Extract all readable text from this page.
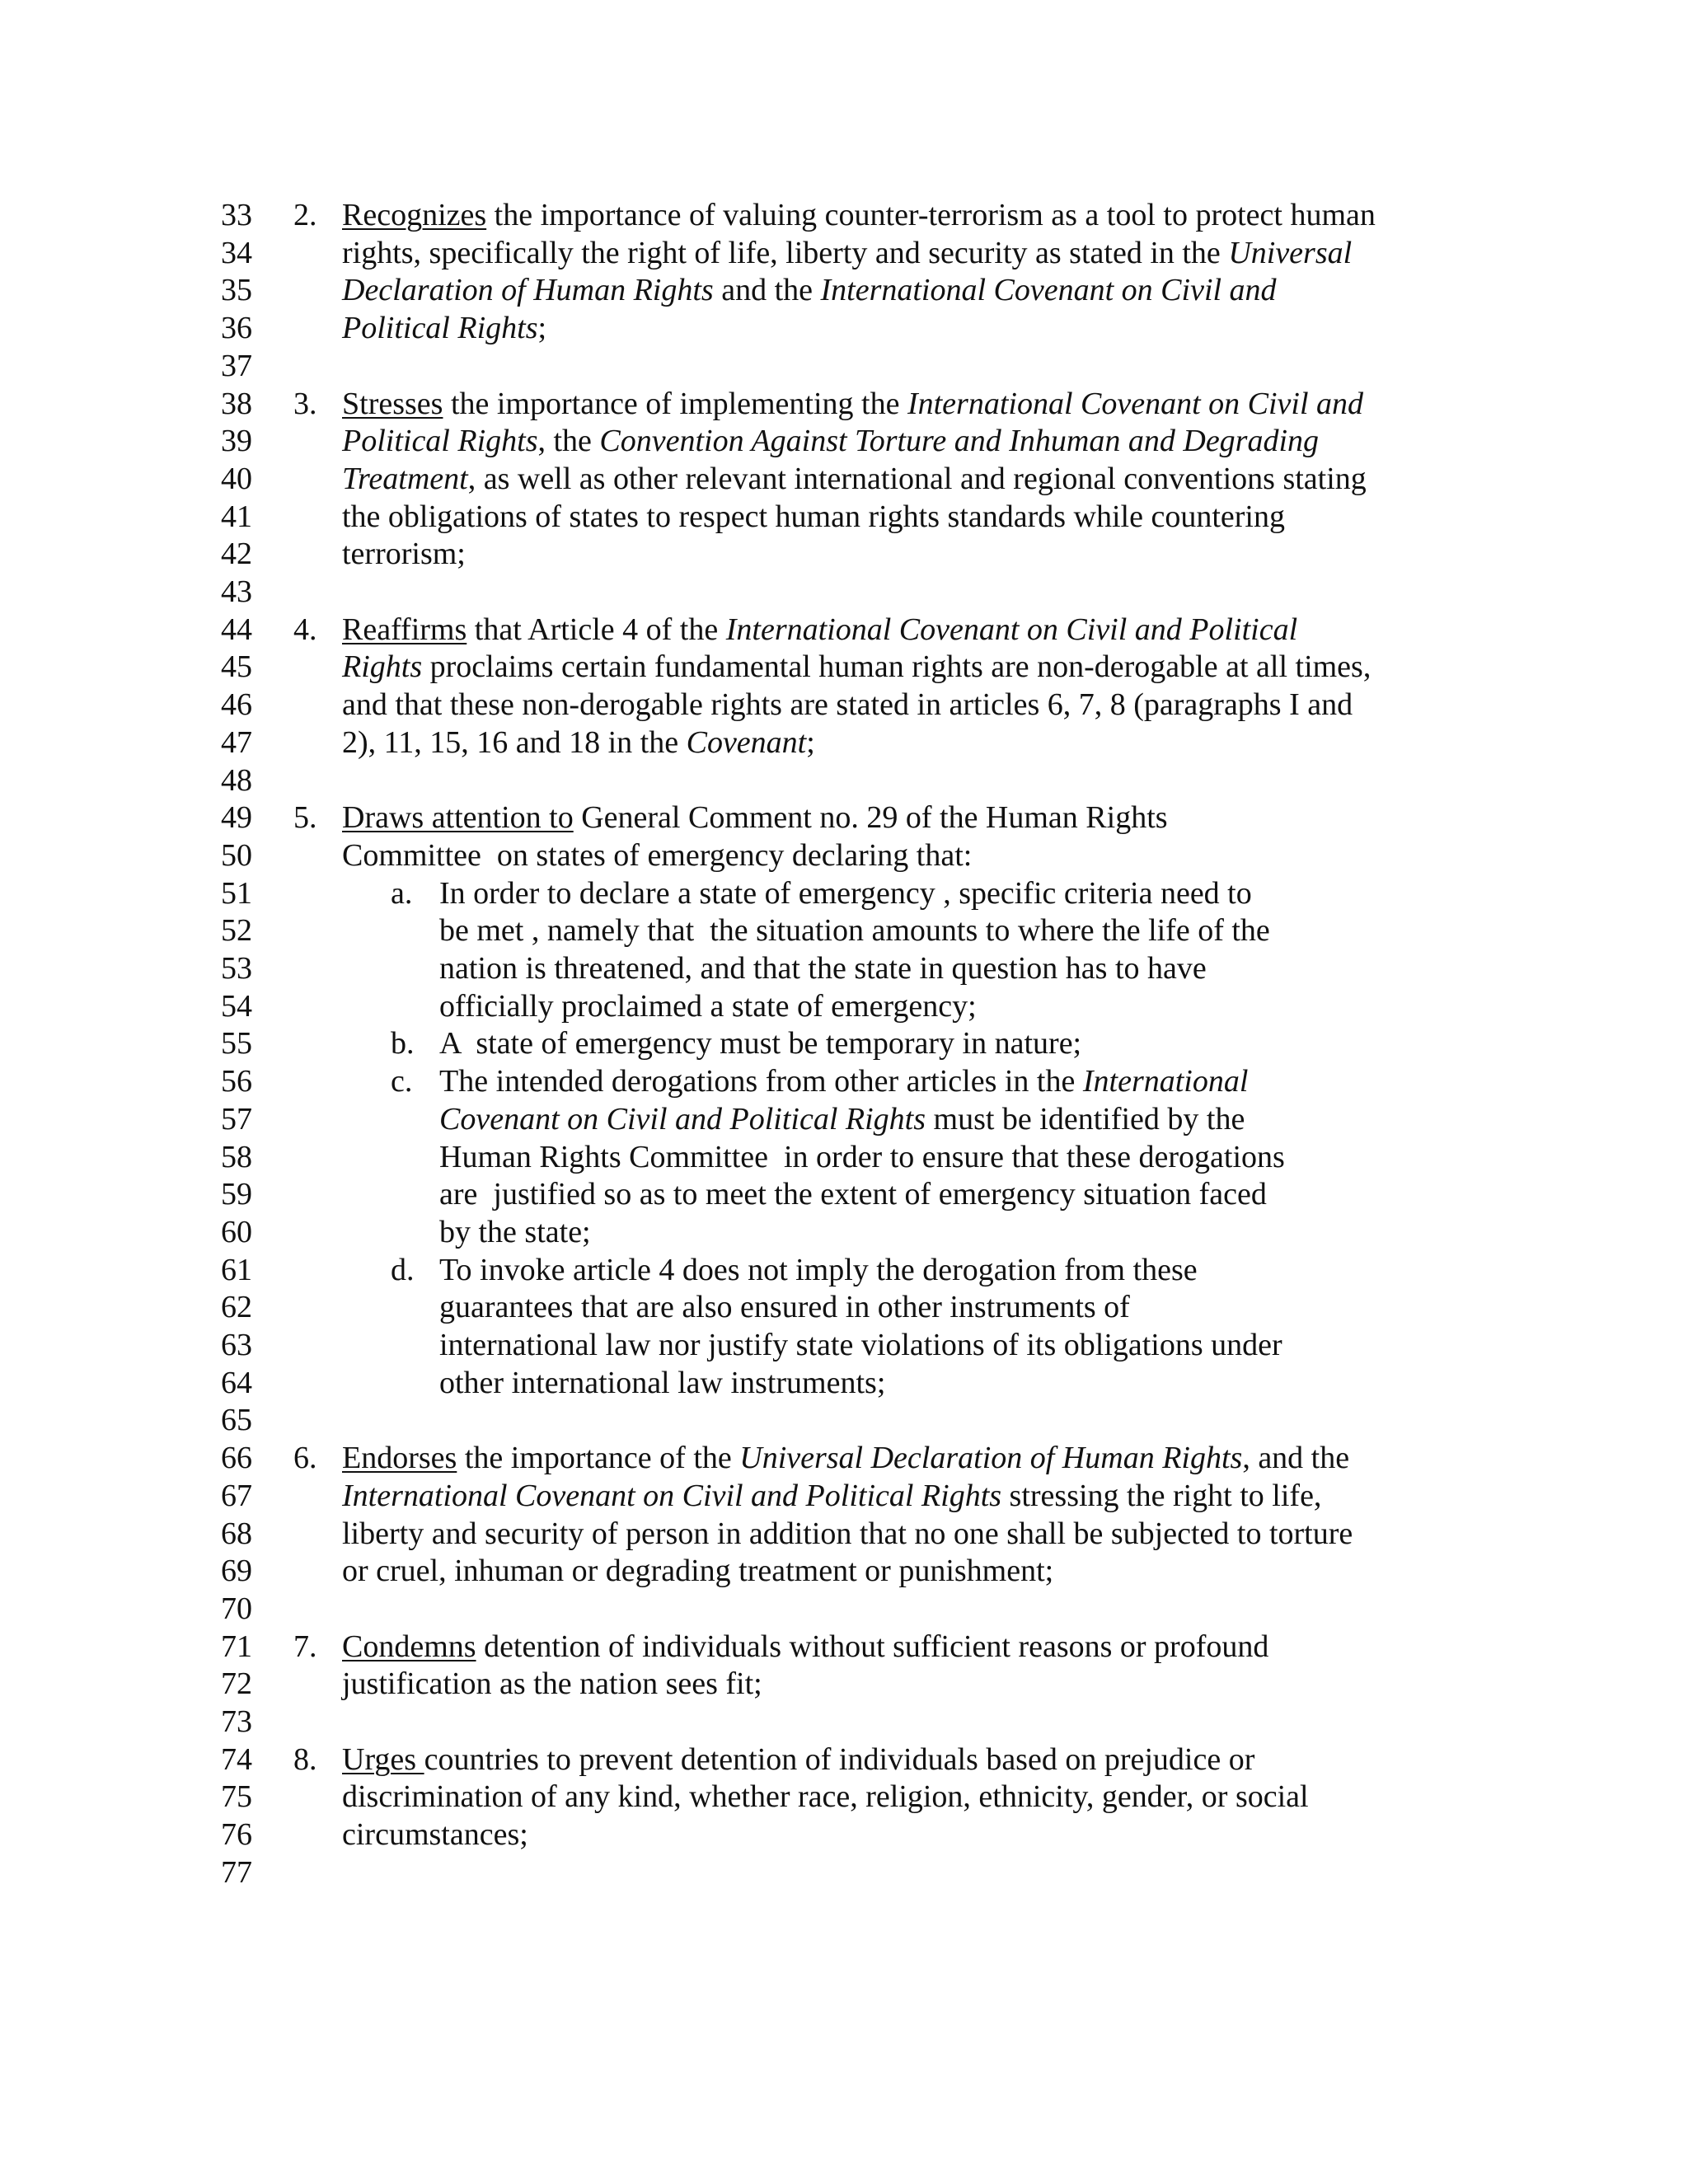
33 2. Recognizes the importance of valuing counter-terrorism as a tool to protect human
34	rights, specifically the right of life, liberty and security as stated in the Universal
35	Declaration of Human Rights and the International Covenant on Civil and
36	Political Rights;
37
38 3. Stresses the importance of implementing the International Covenant on Civil and
39	Political Rights, the Convention Against Torture and Inhuman and Degrading
40	Treatment, as well as other relevant international and regional conventions stating
41	the obligations of states to respect human rights standards while countering
42	terrorism;
43
44 4. Reaffirms that Article 4 of the International Covenant on Civil and Political
45	Rights proclaims certain fundamental human rights are non-derogable at all times,
46	and that these non-derogable rights are stated in articles 6, 7, 8 (paragraphs I and
47	2), 11, 15, 16 and 18 in the Covenant;
48
49 5. Draws attention to General Comment no. 29 of the Human Rights
50	Committee  on states of emergency declaring that:
51	a. In order to declare a state of emergency , specific criteria need to
52	be met , namely that  the situation amounts to where the life of the
53	nation is threatened, and that the state in question has to have
54	officially proclaimed a state of emergency;
55	b. A  state of emergency must be temporary in nature;
56	c. The intended derogations from other articles in the International
57	Covenant on Civil and Political Rights must be identified by the
58	Human Rights Committee  in order to ensure that these derogations
59	are  justified so as to meet the extent of emergency situation faced
60	by the state;
61	d. To invoke article 4 does not imply the derogation from these
62	guarantees that are also ensured in other instruments of
63	international law nor justify state violations of its obligations under
64	other international law instruments;
65
66 6. Endorses the importance of the Universal Declaration of Human Rights, and the
67	International Covenant on Civil and Political Rights stressing the right to life,
68	liberty and security of person in addition that no one shall be subjected to torture
69	or cruel, inhuman or degrading treatment or punishment;
70
71 7. Condemns detention of individuals without sufficient reasons or profound
72	justification as the nation sees fit;
73
74 8. Urges countries to prevent detention of individuals based on prejudice or
75	discrimination of any kind, whether race, religion, ethnicity, gender, or social
76	circumstances;
77
